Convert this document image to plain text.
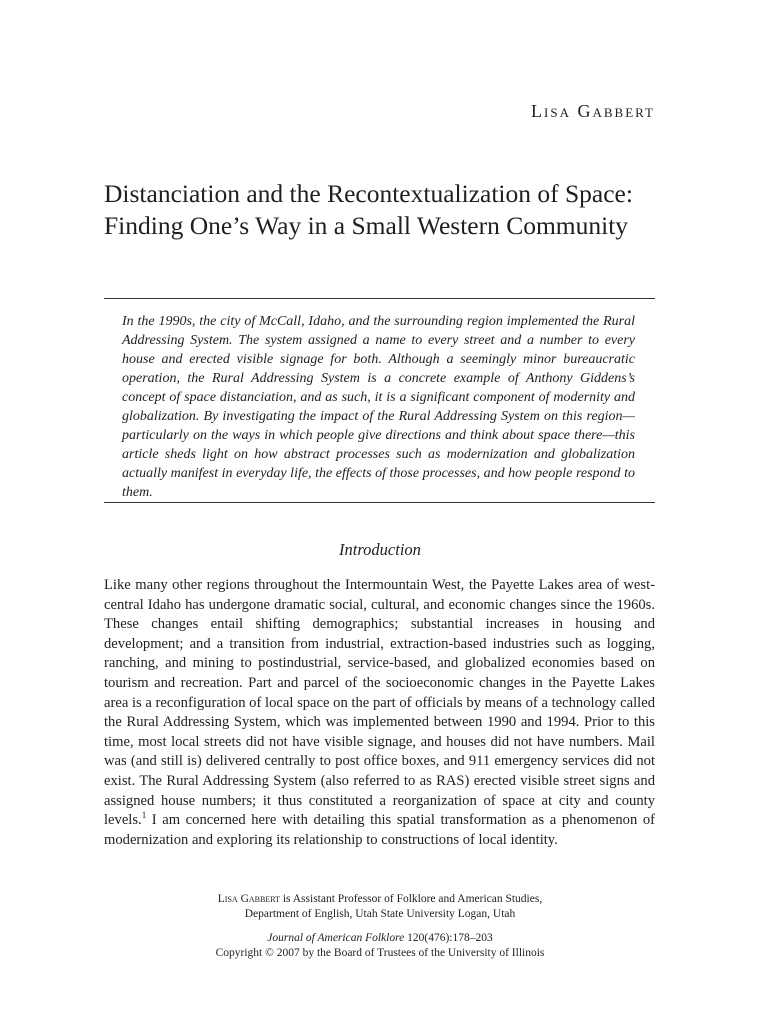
Lisa Gabbert
Distanciation and the Recontextualization of Space: Finding One’s Way in a Small Western Community

In the 1990s, the city of McCall, Idaho, and the surrounding region implemented the Rural Addressing System. The system assigned a name to every street and a number to every house and erected visible signage for both. Although a seemingly minor bureaucratic operation, the Rural Addressing System is a concrete example of Anthony Giddens’s concept of space distanciation, and as such, it is a significant component of modernity and globalization. By investigating the impact of the Rural Addressing System on this region—particularly on the ways in which people give directions and think about space there—this article sheds light on how abstract processes such as modernization and globalization actually manifest in everyday life, the effects of those processes, and how people respond to them.

Introduction

Like many other regions throughout the Intermountain West, the Payette Lakes area of west-central Idaho has undergone dramatic social, cultural, and economic changes since the 1960s. These changes entail shifting demographics; substantial increases in housing and development; and a transition from industrial, extraction-based industries such as logging, ranching, and mining to postindustrial, service-based, and globalized economies based on tourism and recreation. Part and parcel of the socioeconomic changes in the Payette Lakes area is a reconfiguration of local space on the part of officials by means of a technology called the Rural Addressing System, which was implemented between 1990 and 1994. Prior to this time, most local streets did not have visible signage, and houses did not have numbers. Mail was (and still is) delivered centrally to post office boxes, and 911 emergency services did not exist. The Rural Addressing System (also referred to as RAS) erected visible street signs and assigned house numbers; it thus constituted a reorganization of space at city and county levels.$^1$ I am concerned here with detailing this spatial transformation as a phenomenon of modernization and exploring its relationship to constructions of local identity.

Lisa Gabbert is Assistant Professor of Folklore and American Studies,
Department of English, Utah State University Logan, Utah
Journal of American Folklore 120(476):178–203
Copyright © 2007 by the Board of Trustees of the University of Illinois
